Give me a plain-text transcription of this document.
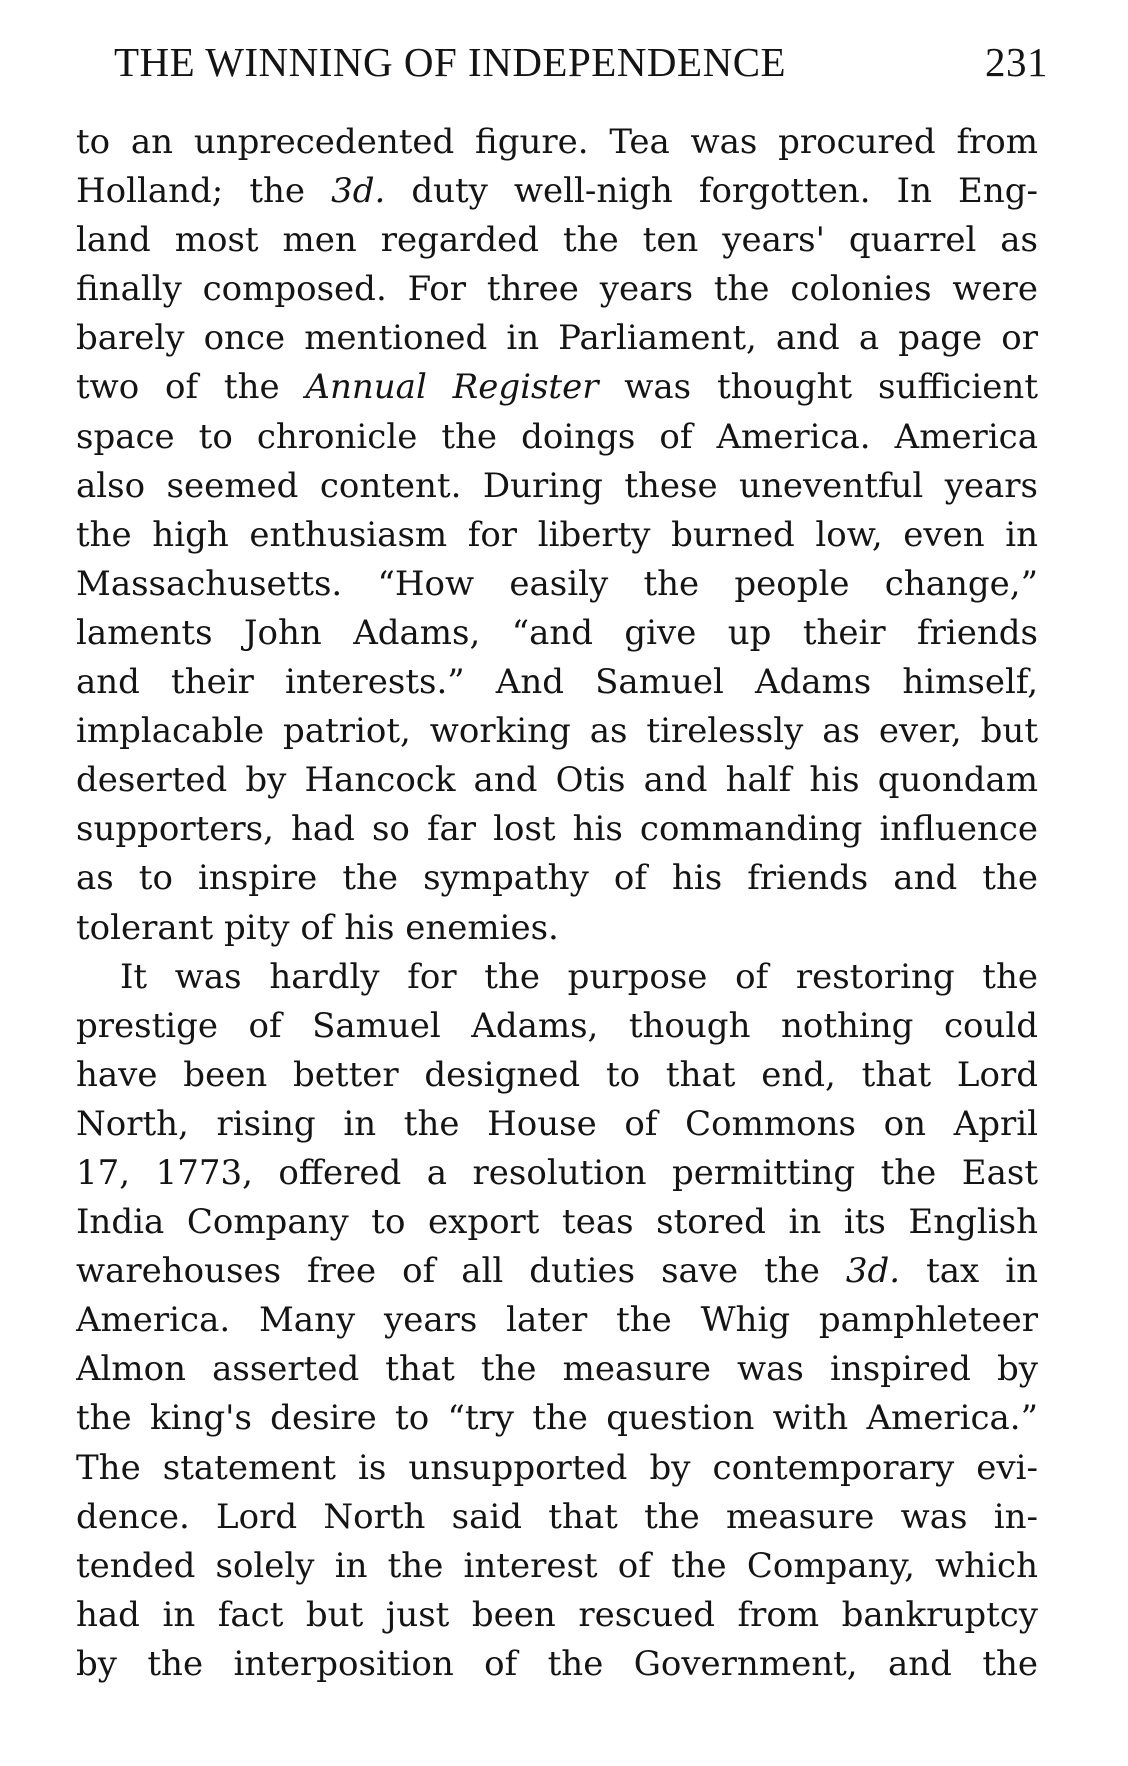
THE WINNING OF INDEPENDENCE	231
to an unprecedented figure. Tea was procured from
Holland; the 3d. duty well-nigh forgotten. In Eng-
land most men regarded the ten years' quarrel as
finally composed. For three years the colonies were
barely once mentioned in Parliament, and a page or
two of the Annual Register was thought sufficient
space to chronicle the doings of America. America
also seemed content. During these uneventful years
the high enthusiasm for liberty burned low, even in
Massachusetts. “How easily the people change,”
laments John Adams, “and give up their friends
and their interests.” And Samuel Adams himself,
implacable patriot, working as tirelessly as ever, but
deserted by Hancock and Otis and half his quondam
supporters, had so far lost his commanding influence
as to inspire the sympathy of his friends and the
tolerant pity of his enemies.
It was hardly for the purpose of restoring the
prestige of Samuel Adams, though nothing could
have been better designed to that end, that Lord
North, rising in the House of Commons on April
17, 1773, offered a resolution permitting the East
India Company to export teas stored in its English
warehouses free of all duties save the 3d. tax in
America. Many years later the Whig pamphleteer
Almon asserted that the measure was inspired by
the king's desire to “try the question with America.”
The statement is unsupported by contemporary evi-
dence. Lord North said that the measure was in-
tended solely in the interest of the Company, which
had in fact but just been rescued from bankruptcy
by the interposition of the Government, and the
